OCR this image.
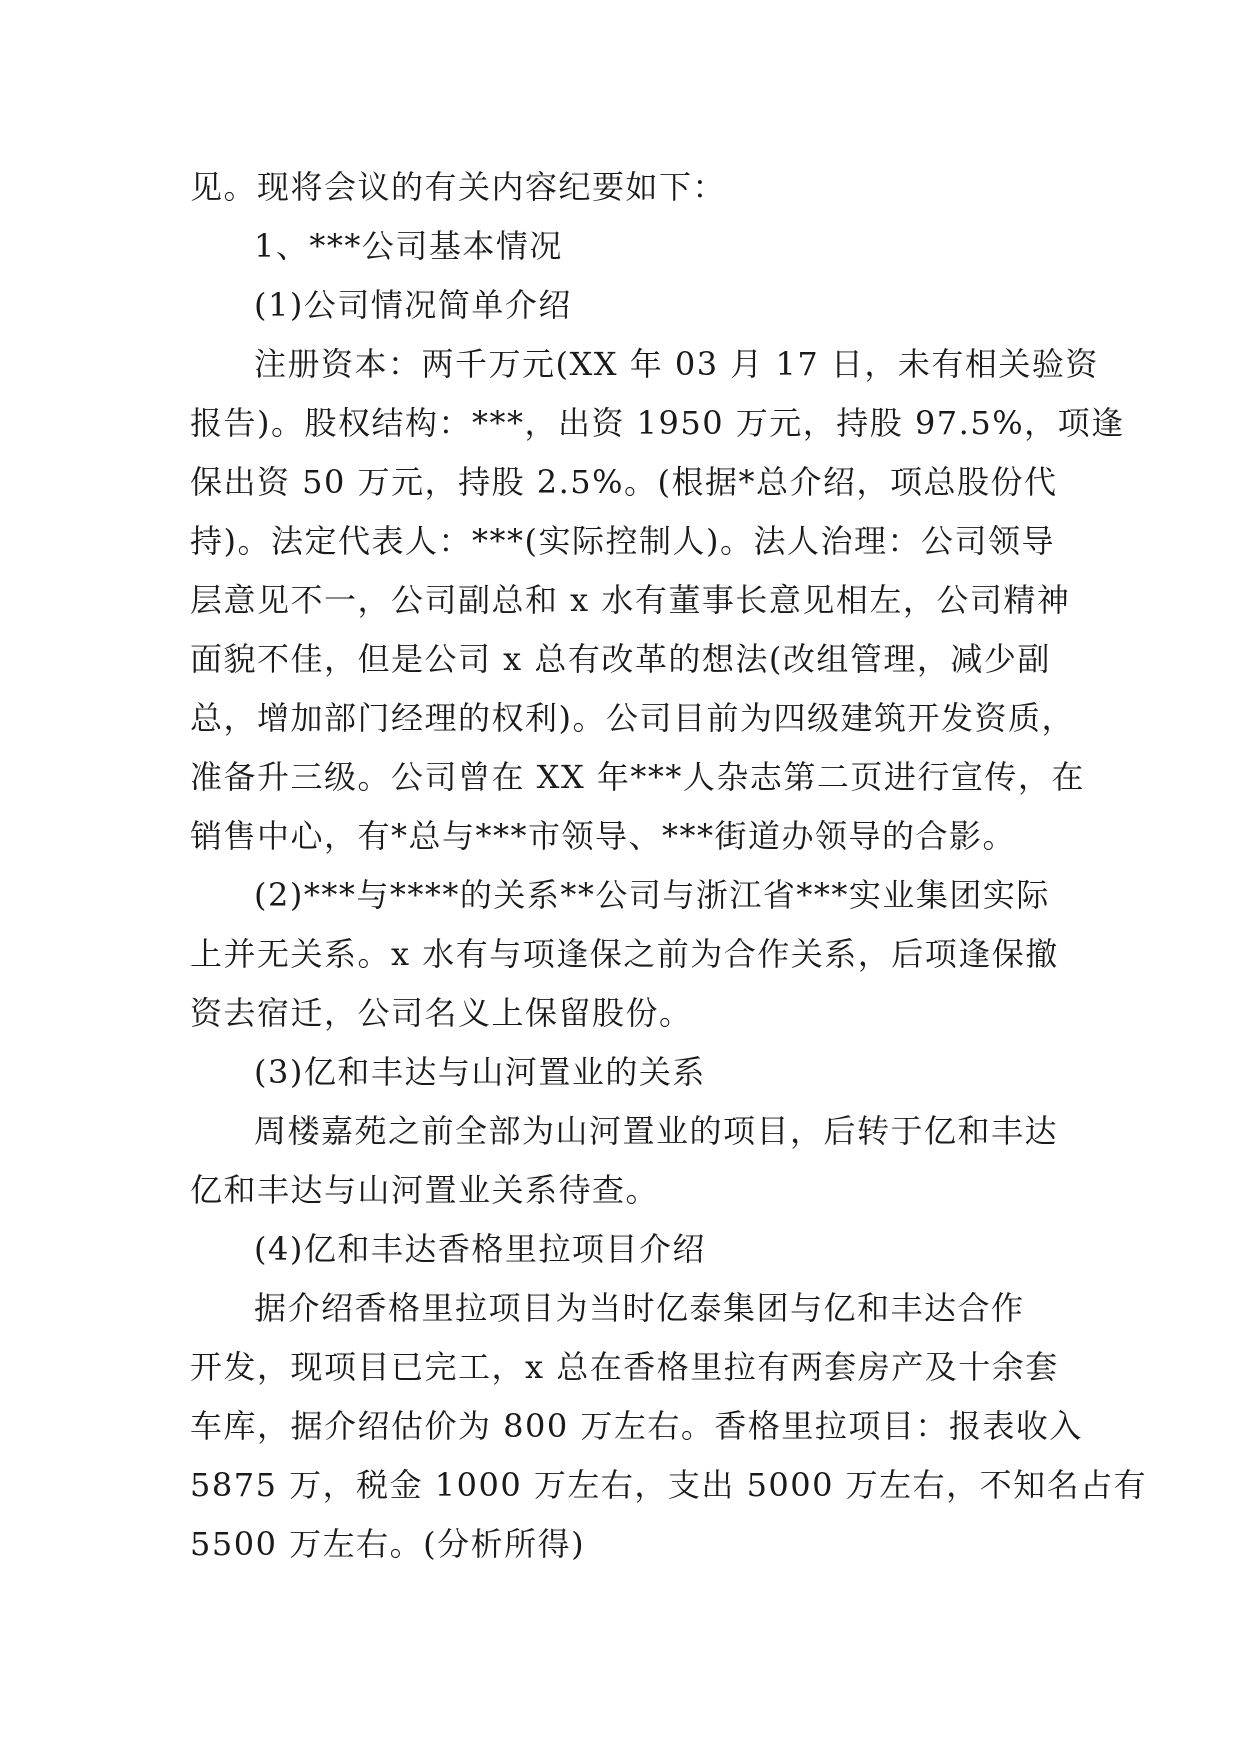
见。现将会议的有关内容纪要如下：
1、***公司基本情况
(1)公司情况简单介绍
注册资本：两千万元(XX 年 03 月 17 日，未有相关验资
报告)。股权结构：***，出资 1950 万元，持股 97.5%，项逢
保出资 50 万元，持股 2.5%。(根据*总介绍，项总股份代
持)。法定代表人：***(实际控制人)。法人治理：公司领导
层意见不一，公司副总和 x 水有董事长意见相左，公司精神
面貌不佳，但是公司 x 总有改革的想法(改组管理，减少副
总，增加部门经理的权利)。公司目前为四级建筑开发资质，
准备升三级。公司曾在 XX 年***人杂志第二页进行宣传，在
销售中心，有*总与***市领导、***街道办领导的合影。
(2)***与****的关系**公司与浙江省***实业集团实际
上并无关系。x 水有与项逢保之前为合作关系，后项逢保撤
资去宿迁，公司名义上保留股份。
(3)亿和丰达与山河置业的关系
周楼嘉苑之前全部为山河置业的项目，后转于亿和丰达
亿和丰达与山河置业关系待查。
(4)亿和丰达香格里拉项目介绍
据介绍香格里拉项目为当时亿泰集团与亿和丰达合作
开发，现项目已完工，x 总在香格里拉有两套房产及十余套
车库，据介绍估价为 800 万左右。香格里拉项目：报表收入
5875 万，税金 1000 万左右，支出 5000 万左右，不知名占有
5500 万左右。(分析所得)
